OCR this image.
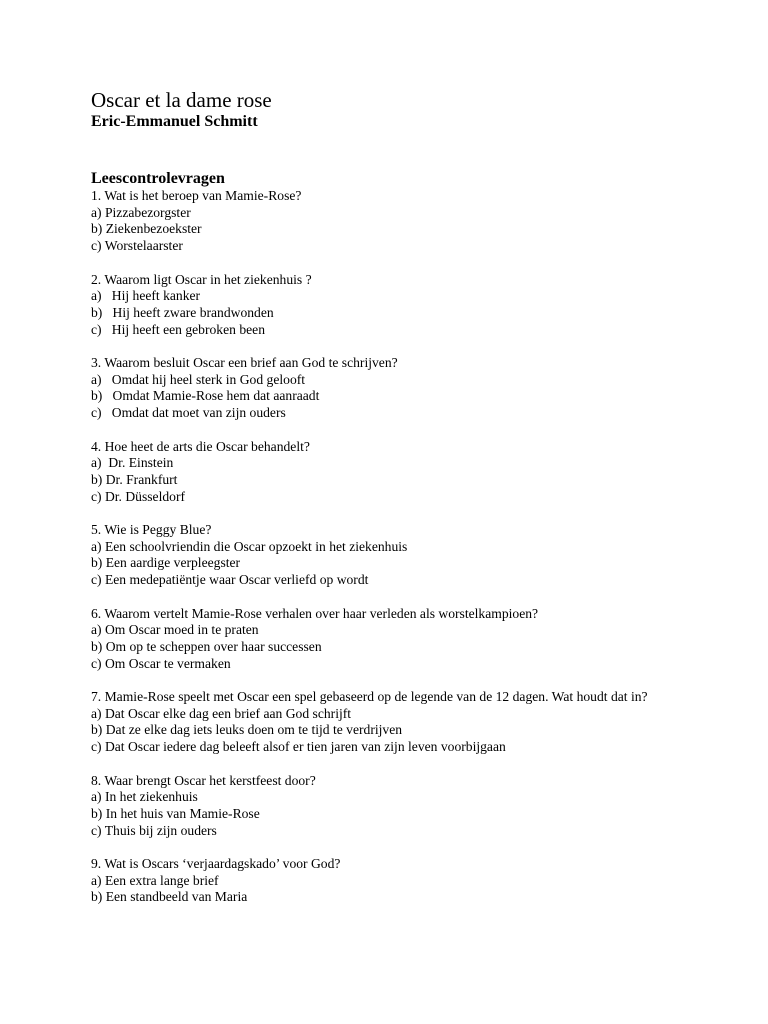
Oscar et la dame rose
Eric-Emmanuel Schmitt
Leescontrolevragen
1. Wat is het beroep van Mamie-Rose?
a) Pizzabezorgster
b) Ziekenbezoekster
c) Worstelaarster
2. Waarom ligt Oscar in het ziekenhuis ?
a)   Hij heeft kanker
b)   Hij heeft zware brandwonden
c)   Hij heeft een gebroken been
3. Waarom besluit Oscar een brief aan God te schrijven?
a)   Omdat hij heel sterk in God gelooft
b)   Omdat Mamie-Rose hem dat aanraadt
c)   Omdat dat moet van zijn ouders
4. Hoe heet de arts die Oscar behandelt?
a)  Dr. Einstein
b) Dr. Frankfurt
c) Dr. Düsseldorf
5. Wie is Peggy Blue?
a) Een schoolvriendin die Oscar opzoekt in het ziekenhuis
b) Een aardige verpleegster
c) Een medepatiëntje waar Oscar verliefd op wordt
6. Waarom vertelt Mamie-Rose verhalen over haar verleden als worstelkampioen?
a) Om Oscar moed in te praten
b) Om op te scheppen over haar successen
c) Om Oscar te vermaken
7. Mamie-Rose speelt met Oscar een spel gebaseerd op de legende van de 12 dagen. Wat houdt dat in?
a) Dat Oscar elke dag een brief aan God schrijft
b) Dat ze elke dag iets leuks doen om te tijd te verdrijven
c) Dat Oscar iedere dag beleeft alsof er tien jaren van zijn leven voorbijgaan
8. Waar brengt Oscar het kerstfeest door?
a) In het ziekenhuis
b) In het huis van Mamie-Rose
c) Thuis bij zijn ouders
9. Wat is Oscars ‘verjaardagskado’ voor God?
a) Een extra lange brief
b) Een standbeeld van Maria
